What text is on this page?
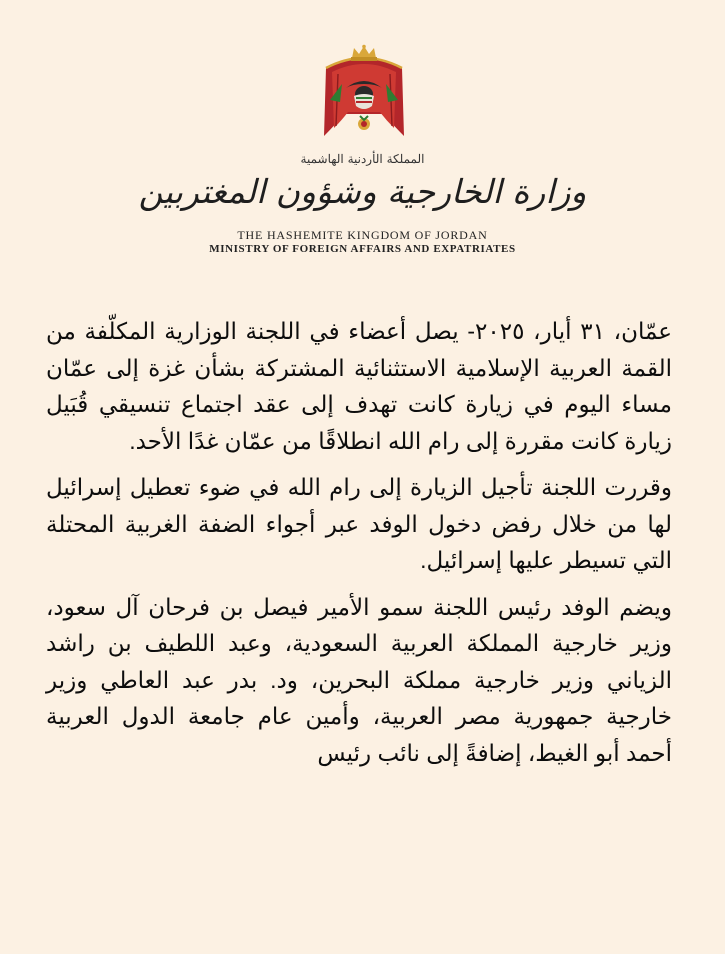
المملكة الأردنية الهاشمية
وزارة الخارجية وشؤون المغتربين
THE HASHEMITE KINGDOM OF JORDAN
MINISTRY OF FOREIGN AFFAIRS AND EXPATRIATES

عمّان، ٣١ أيار، ٢٠٢٥- يصل أعضاء في اللجنة الوزارية المكلّفة من القمة العربية الإسلامية الاستثنائية المشتركة بشأن غزة إلى عمّان مساء اليوم في زيارة كانت تهدف إلى عقد اجتماع تنسيقي قُبَيل زيارة كانت مقررة إلى رام الله انطلاقًا من عمّان غدًا الأحد.

وقررت اللجنة تأجيل الزيارة إلى رام الله في ضوء تعطيل إسرائيل لها من خلال رفض دخول الوفد عبر أجواء الضفة الغربية المحتلة التي تسيطر عليها إسرائيل.

ويضم الوفد رئيس اللجنة سمو الأمير فيصل بن فرحان آل سعود، وزير خارجية المملكة العربية السعودية، وعبد اللطيف بن راشد الزياني وزير خارجية مملكة البحرين، ود. بدر عبد العاطي وزير خارجية جمهورية مصر العربية، وأمين عام جامعة الدول العربية أحمد أبو الغيط، إضافةً إلى نائب رئيس
